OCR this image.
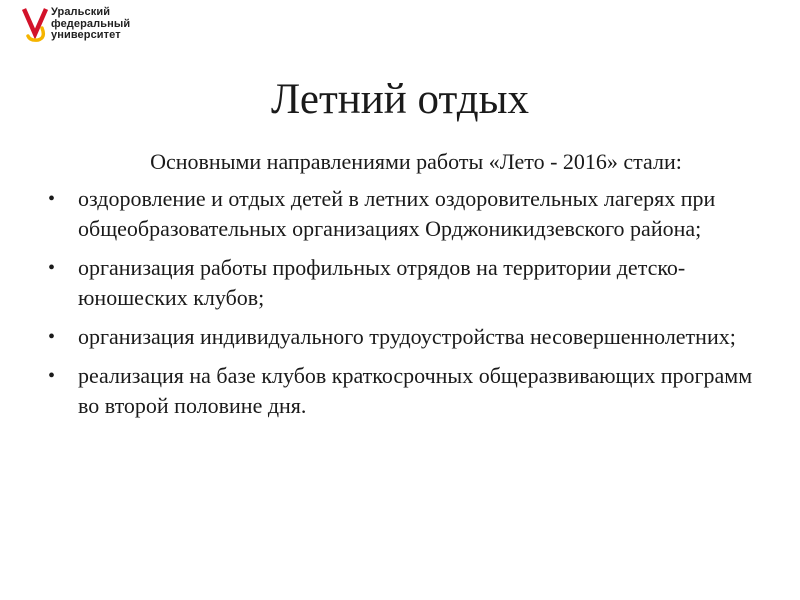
Уральский
федеральный
университет
Летний отдых
Основными направлениями работы «Лето - 2016» стали:
• оздоровление и отдых детей в летних оздоровительных лагерях при общеобразовательных организациях Орджоникидзевского района;
• организация работы профильных отрядов на территории детско-юношеских клубов;
• организация индивидуального трудоустройства несовершеннолетних;
• реализация на базе клубов краткосрочных общеразвивающих программ во второй половине дня.
